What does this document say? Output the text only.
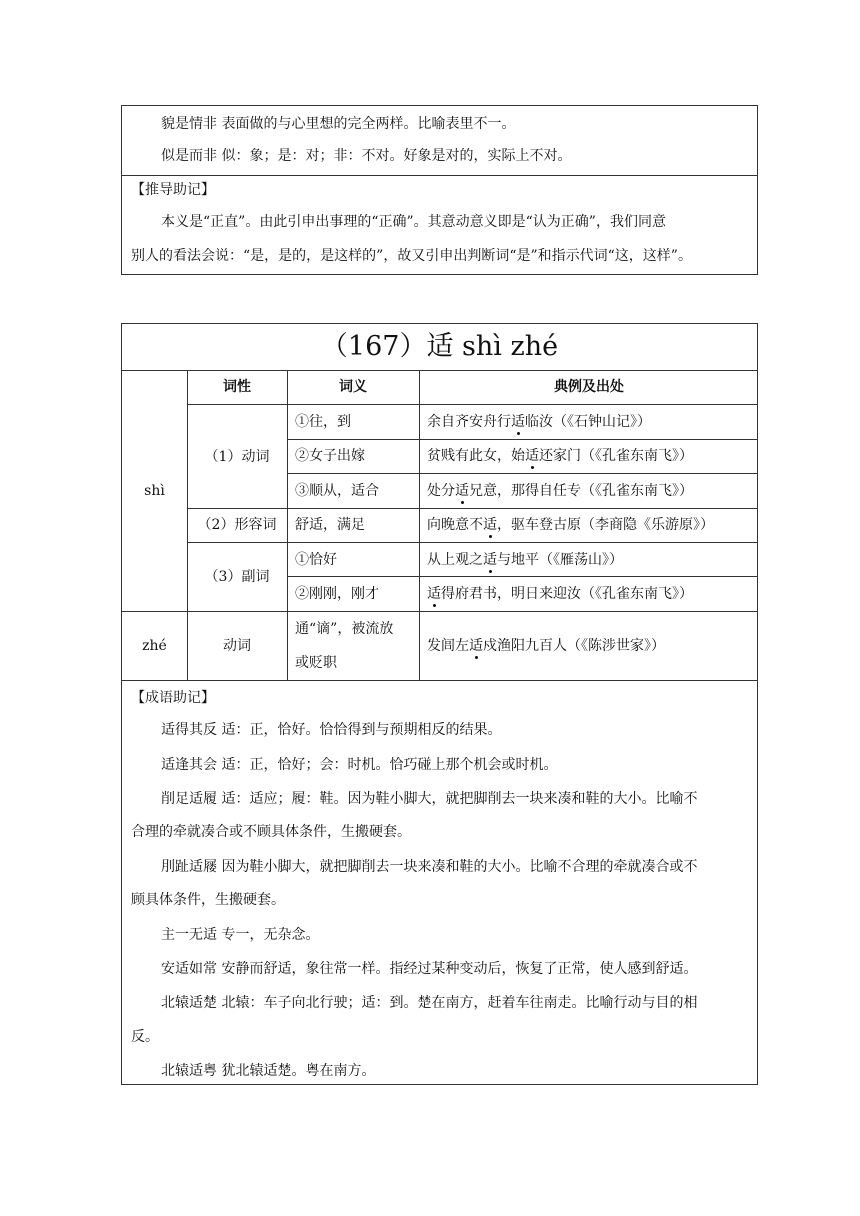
貌是情非 表面做的与心里想的完全两样。比喻表里不一。
似是而非 似：象；是：对；非：不对。好象是对的，实际上不对。
【推导助记】
本义是“正直”。由此引申出事理的“正确”。其意动意义即是“认为正确”，我们同意
别人的看法会说：“是，是的，是这样的”，故又引申出判断词“是”和指示代词“这，这样”。
（167）适 shì zhé
词性	词义	典例及出处
shì
zhé
（1）动词
（2）形容词
（3）副词
动词
①往，到
②女子出嫁
③顺从，适合
舒适，满足
①恰好
②刚刚，刚才
通“谪”，被流放
或贬职
余自齐安舟行适临汝（《石钟山记》）
贫贱有此女，始适还家门（《孔雀东南飞》）
处分适兄意，那得自任专（《孔雀东南飞》）
向晚意不适，驱车登古原（李商隐《乐游原》）
从上观之适与地平（《雁荡山》）
适得府君书，明日来迎汝（《孔雀东南飞》）
发闾左适戍渔阳九百人（《陈涉世家》）
【成语助记】
适得其反 适：正，恰好。恰恰得到与预期相反的结果。
适逢其会 适：正，恰好；会：时机。恰巧碰上那个机会或时机。
削足适履 适：适应；履：鞋。因为鞋小脚大，就把脚削去一块来凑和鞋的大小。比喻不
合理的牵就凑合或不顾具体条件，生搬硬套。
刖趾适屦 因为鞋小脚大，就把脚削去一块来凑和鞋的大小。比喻不合理的牵就凑合或不
顾具体条件，生搬硬套。
主一无适 专一，无杂念。
安适如常 安静而舒适，象往常一样。指经过某种变动后，恢复了正常，使人感到舒适。
北辕适楚 北辕：车子向北行驶；适：到。楚在南方，赶着车往南走。比喻行动与目的相
反。
北辕适粤 犹北辕适楚。粤在南方。
